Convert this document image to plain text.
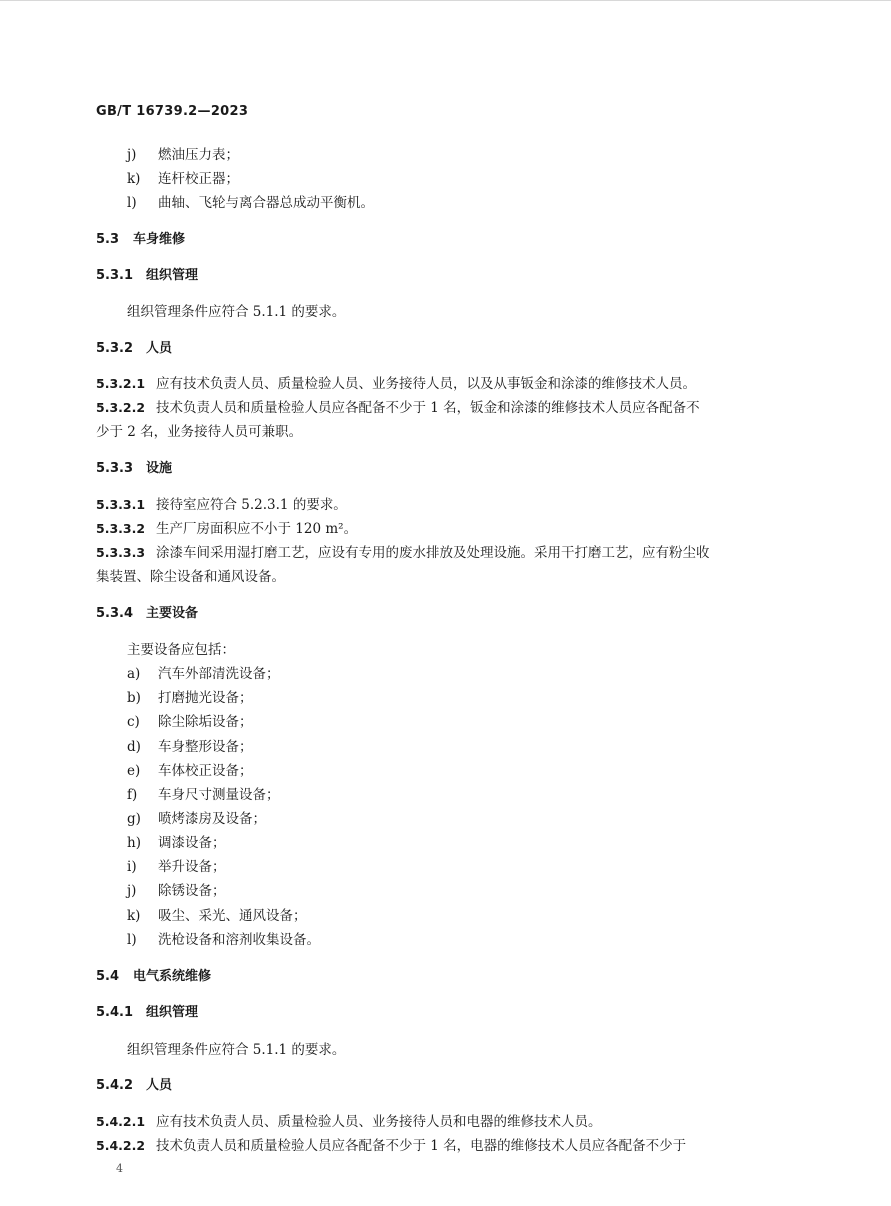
GB/T 16739.2—2023
j) 燃油压力表；
k) 连杆校正器；
l) 曲轴、飞轮与离合器总成动平衡机。
5.3 车身维修
5.3.1 组织管理
组织管理条件应符合 5.1.1 的要求。
5.3.2 人员
5.3.2.1 应有技术负责人员、质量检验人员、业务接待人员，以及从事钣金和涂漆的维修技术人员。
5.3.2.2 技术负责人员和质量检验人员应各配备不少于 1 名，钣金和涂漆的维修技术人员应各配备不
少于 2 名，业务接待人员可兼职。
5.3.3 设施
5.3.3.1 接待室应符合 5.2.3.1 的要求。
5.3.3.2 生产厂房面积应不小于 120 m²。
5.3.3.3 涂漆车间采用湿打磨工艺，应设有专用的废水排放及处理设施。采用干打磨工艺，应有粉尘收
集装置、除尘设备和通风设备。
5.3.4 主要设备
主要设备应包括：
a) 汽车外部清洗设备；
b) 打磨抛光设备；
c) 除尘除垢设备；
d) 车身整形设备；
e) 车体校正设备；
f) 车身尺寸测量设备；
g) 喷烤漆房及设备；
h) 调漆设备；
i) 举升设备；
j) 除锈设备；
k) 吸尘、采光、通风设备；
l) 洗枪设备和溶剂收集设备。
5.4 电气系统维修
5.4.1 组织管理
组织管理条件应符合 5.1.1 的要求。
5.4.2 人员
5.4.2.1 应有技术负责人员、质量检验人员、业务接待人员和电器的维修技术人员。
5.4.2.2 技术负责人员和质量检验人员应各配备不少于 1 名，电器的维修技术人员应各配备不少于
4
